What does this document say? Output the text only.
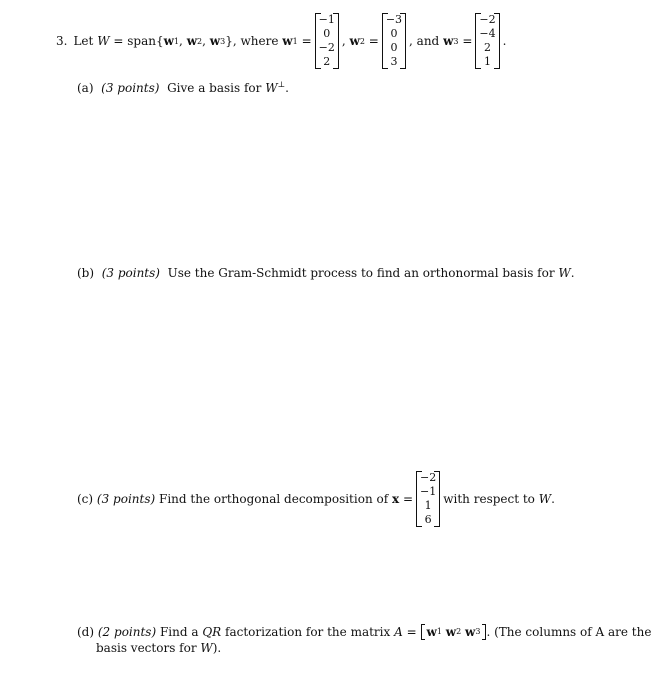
3. Let
W
=
span{ w 1 ,
w 2 ,
w 3 },
where
w 1
=
−1
0
−2
2
,
w 2
=
−3
0
0
3
, and
w 3
=
−2
−4
2
1
.
(a) (3 points) Give a basis for W⊥.
(b) (3 points) Use the Gram-Schmidt process to find an orthonormal basis for W.
(c)
(3 points)
Find the orthogonal decomposition of
x
=
−2
−1
1
6
with respect to
W .
(d)
(2 points)
Find a
QR
factorization for the matrix
A
=
w 1
w 2
w 3 . (The columns of A are the
basis vectors for W).
